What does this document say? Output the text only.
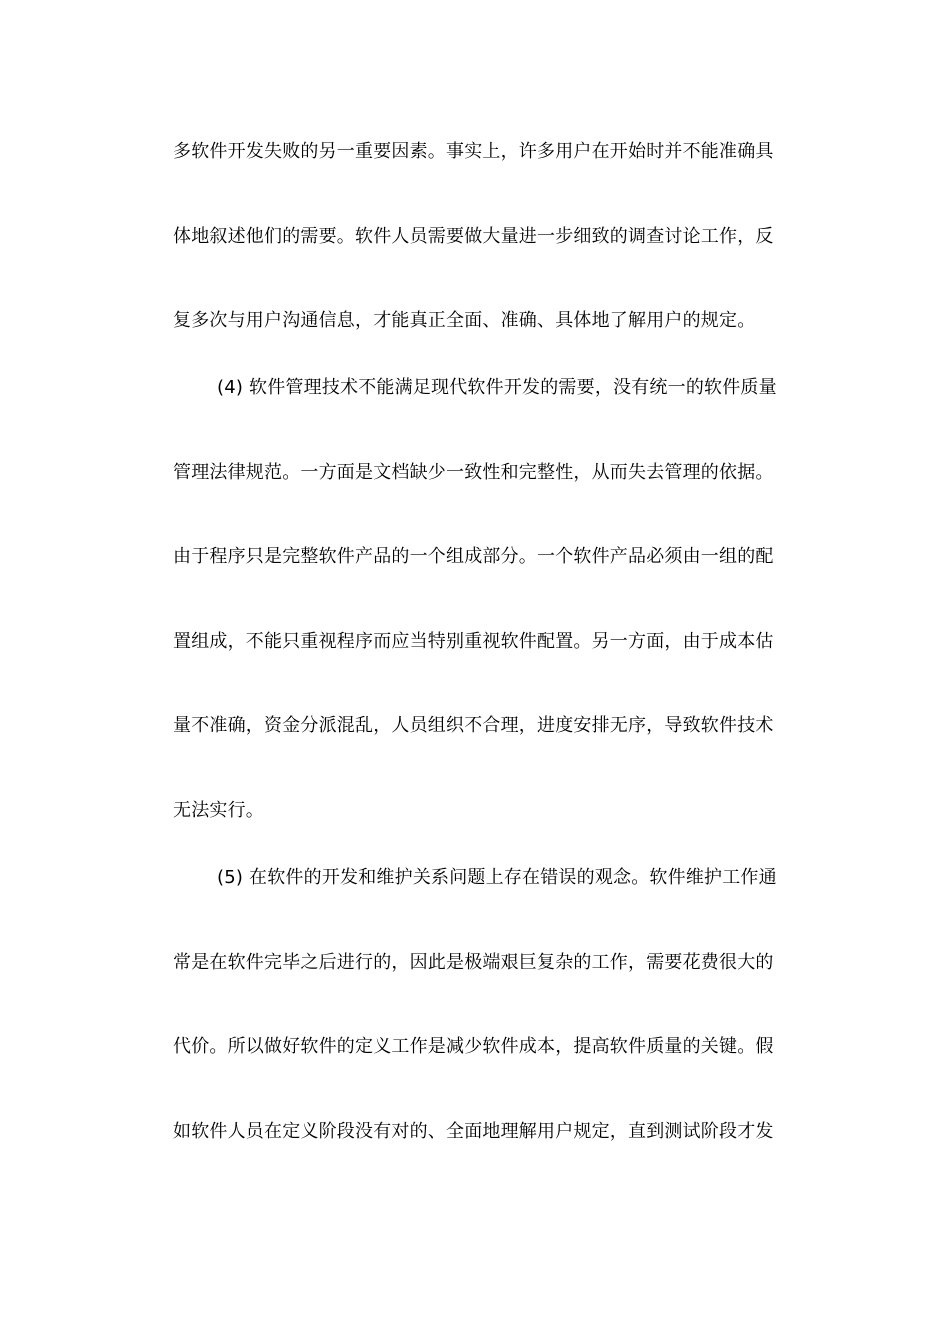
多软件开发失败的另一重要因素。事实上，许多用户在开始时并不能准确具
体地叙述他们的需要。软件人员需要做大量进一步细致的调查讨论工作，反
复多次与用户沟通信息，才能真正全面、准确、具体地了解用户的规定。
(4) 软件管理技术不能满足现代软件开发的需要，没有统一的软件质量
管理法律规范。一方面是文档缺少一致性和完整性，从而失去管理的依据。
由于程序只是完整软件产品的一个组成部分。一个软件产品必须由一组的配
置组成，不能只重视程序而应当特别重视软件配置。另一方面，由于成本估
量不准确，资金分派混乱，人员组织不合理，进度安排无序，导致软件技术
无法实行。
(5) 在软件的开发和维护关系问题上存在错误的观念。软件维护工作通
常是在软件完毕之后进行的，因此是极端艰巨复杂的工作，需要花费很大的
代价。所以做好软件的定义工作是减少软件成本，提高软件质量的关键。假
如软件人员在定义阶段没有对的、全面地理解用户规定，直到测试阶段才发
